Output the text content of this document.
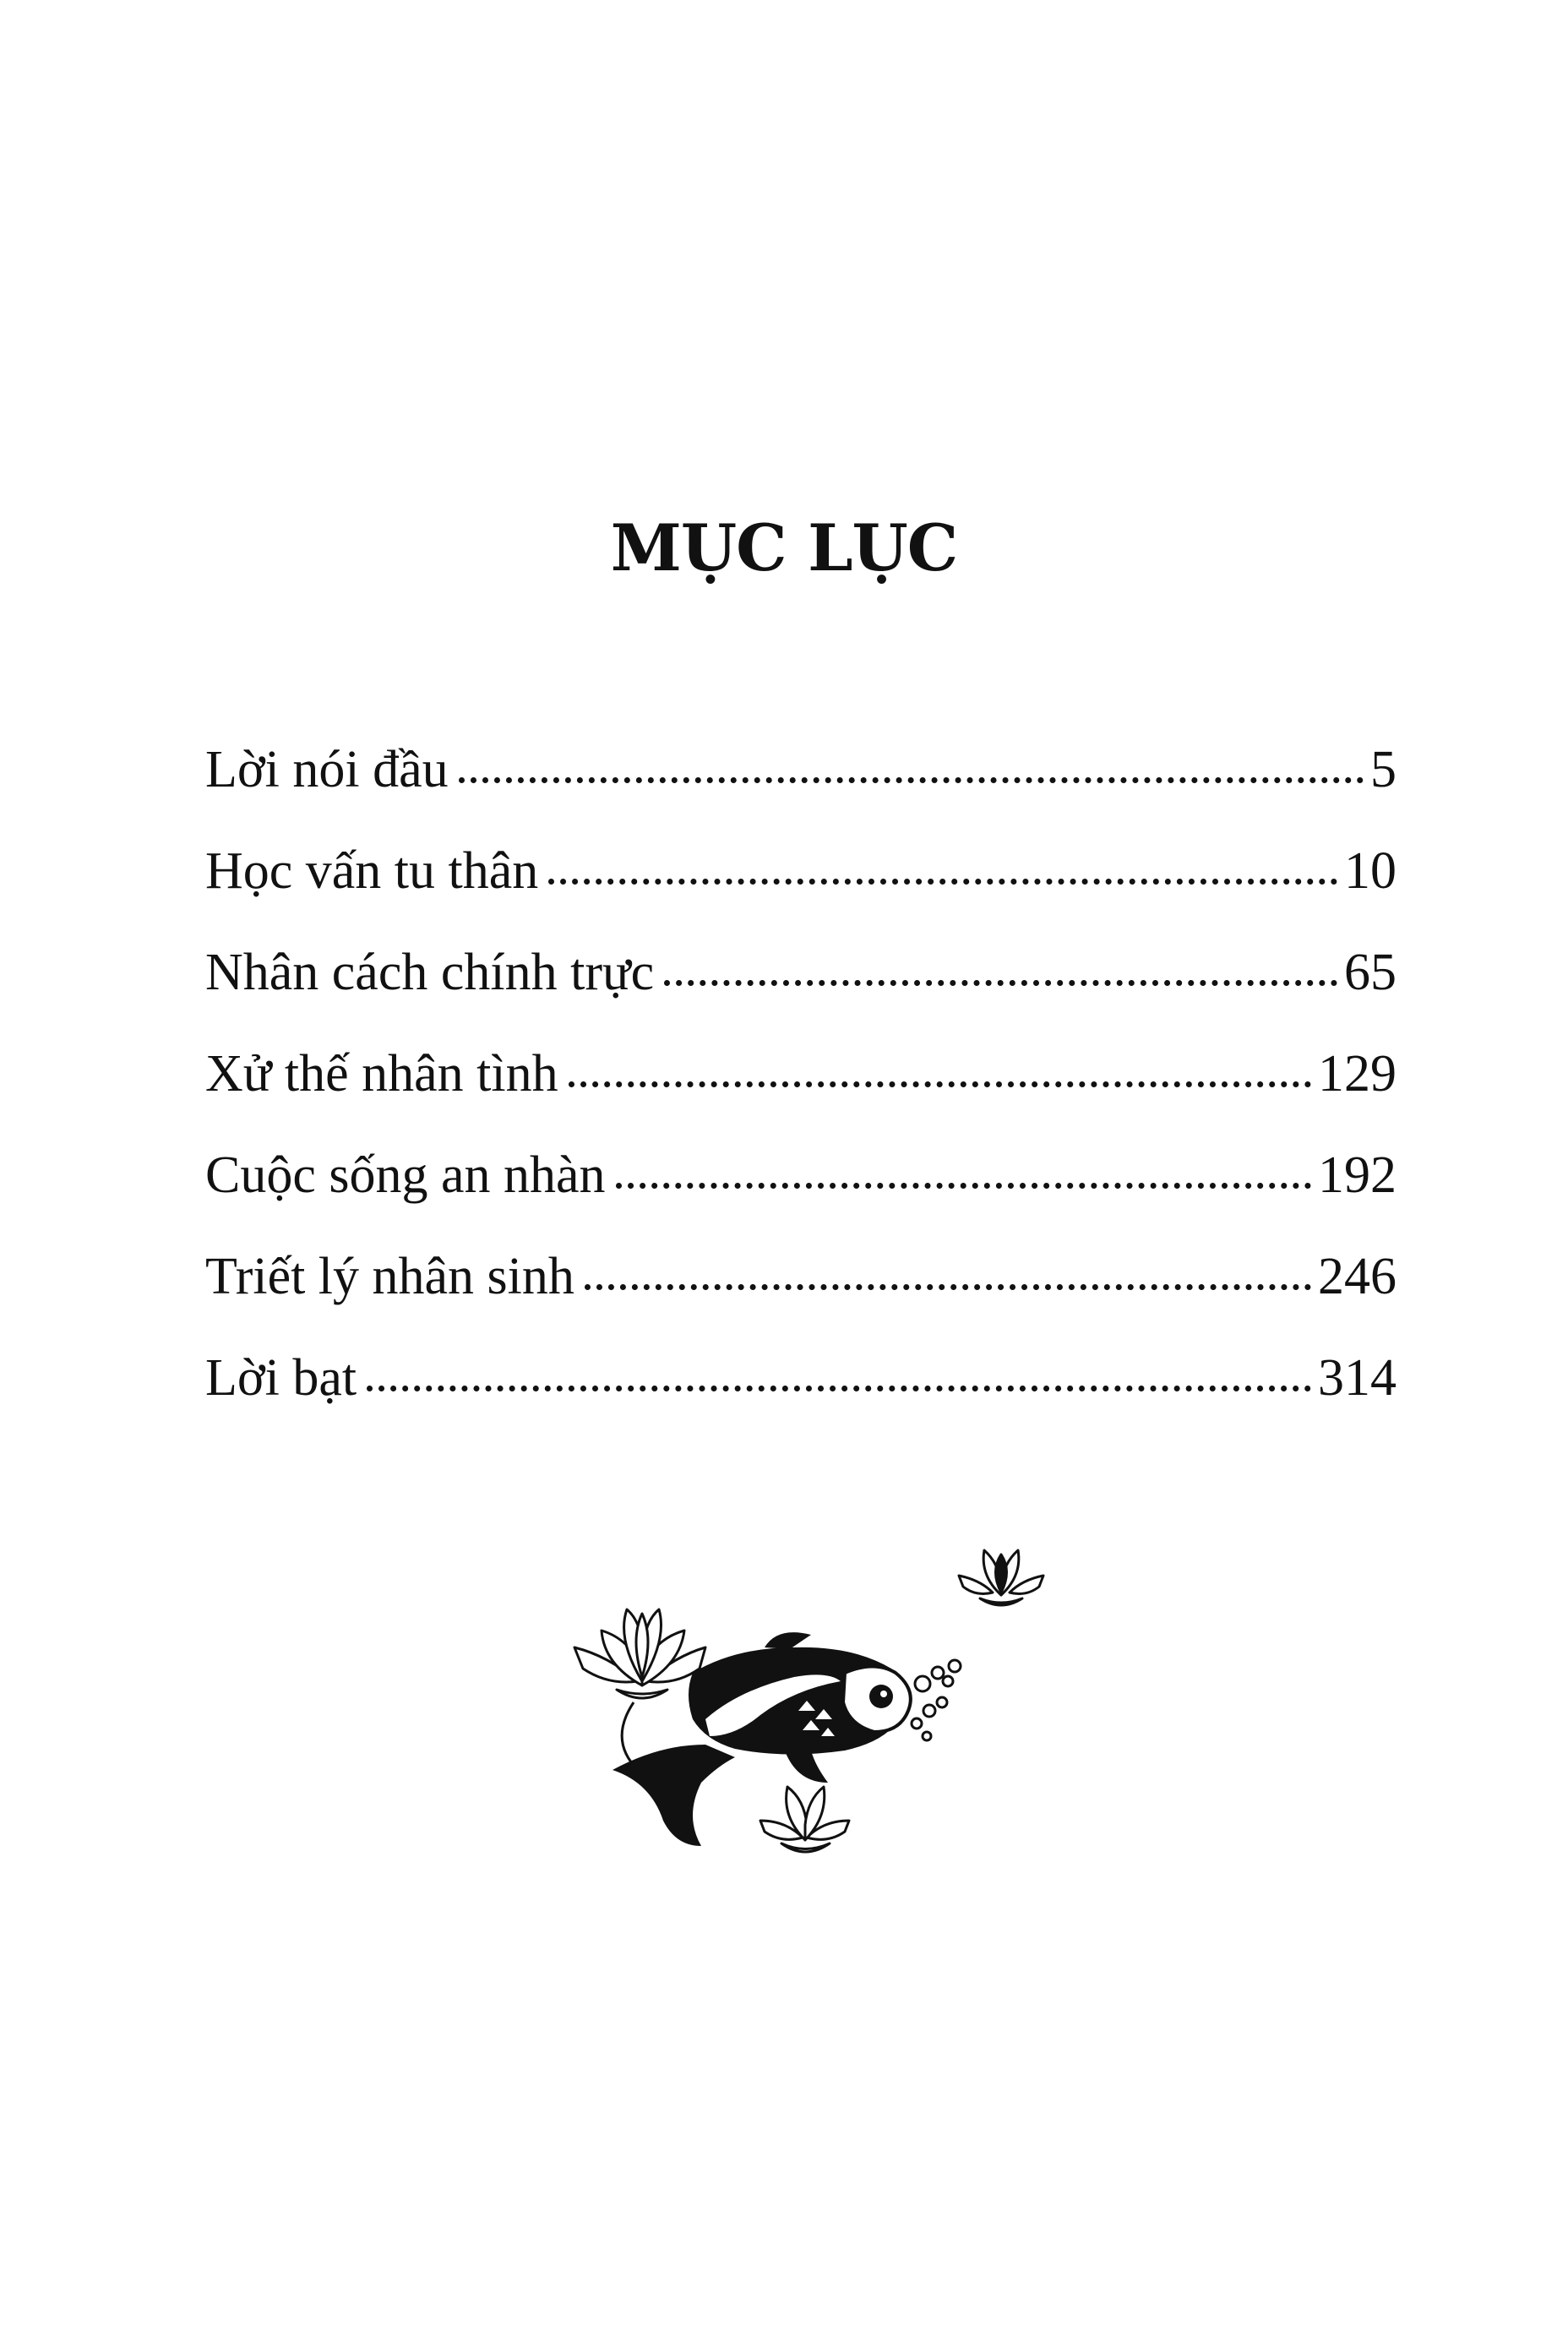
MỤC LỤC
Lời nói đầu	5
Học vấn tu thân	10
Nhân cách chính trực	65
Xử thế nhân tình	129
Cuộc sống an nhàn	192
Triết lý nhân sinh	246
Lời bạt	314
